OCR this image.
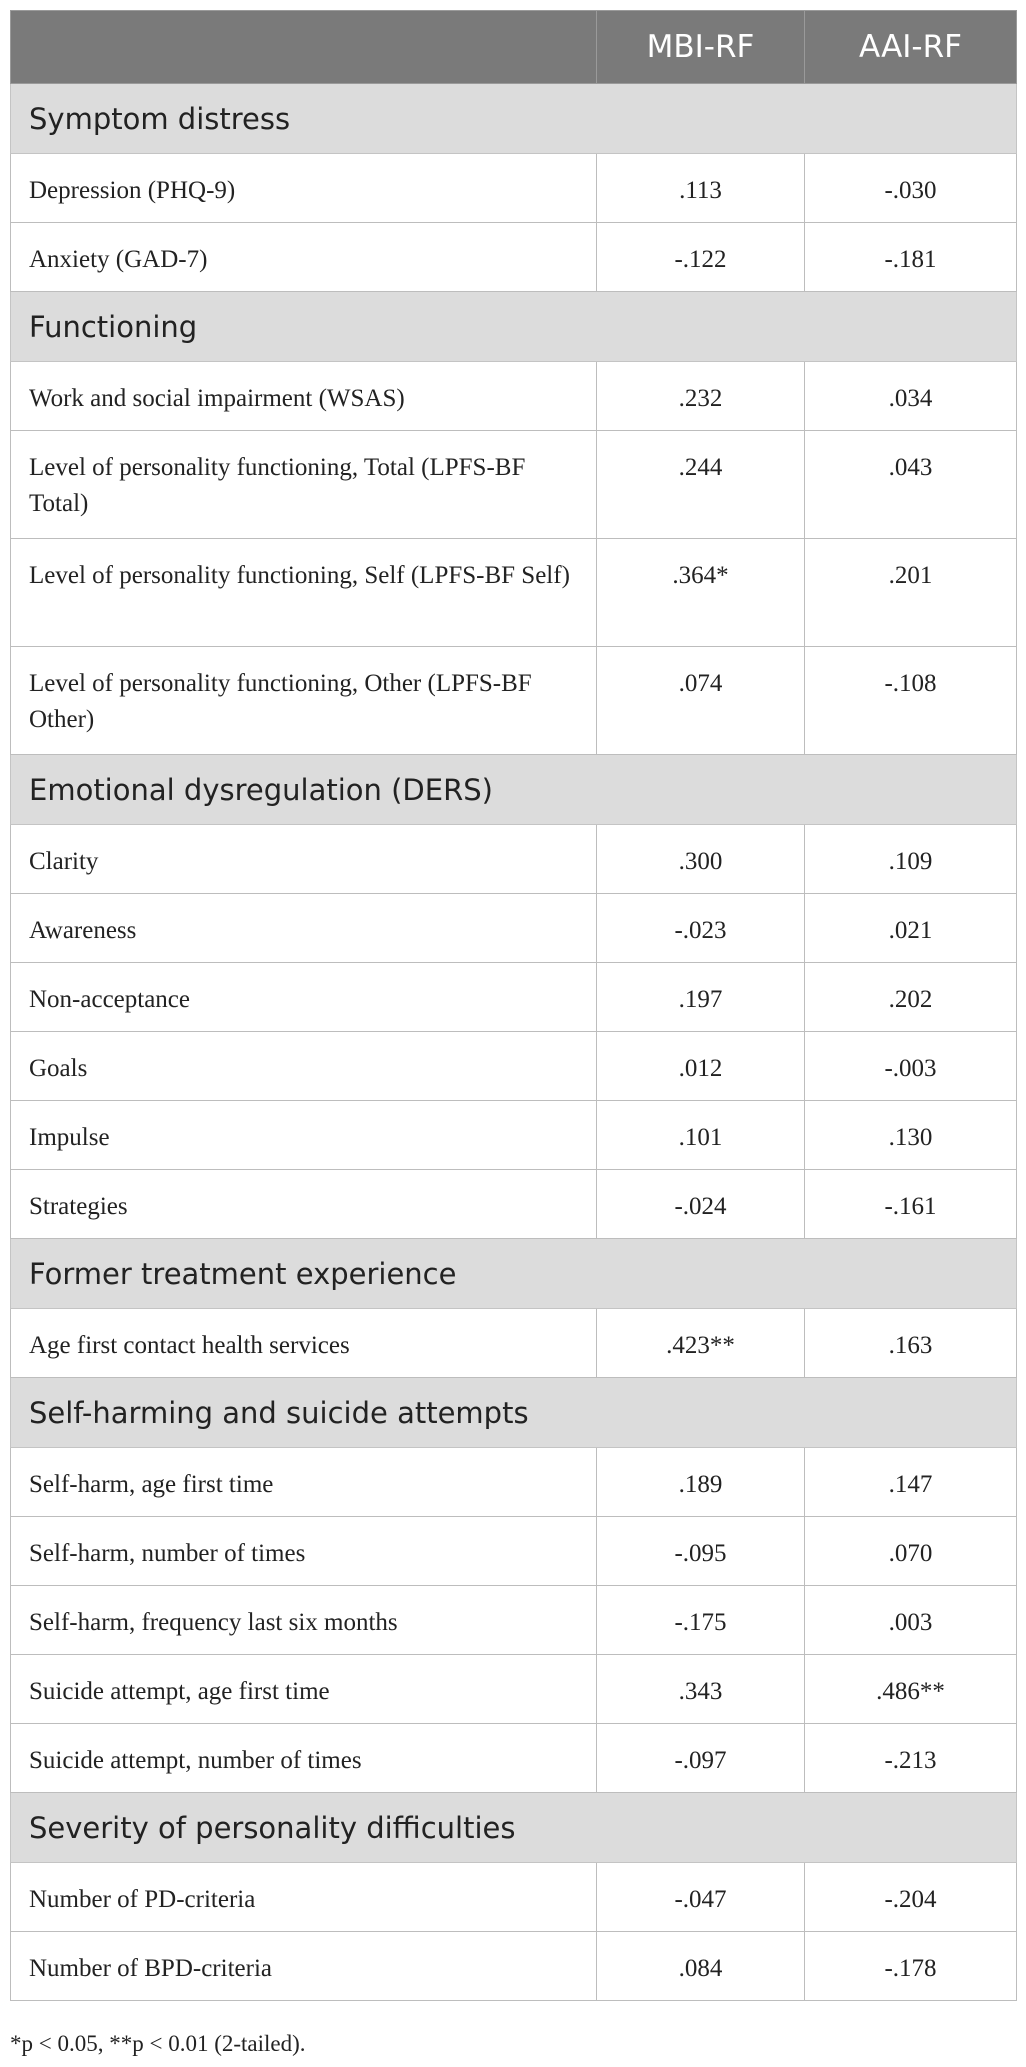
	MBI-RF	AAI-RF
Symptom distress		
Depression (PHQ-9)	.113	-.030
Anxiety (GAD-7)	-.122	-.181
Functioning		
Work and social impairment (WSAS)	.232	.034
Level of personality functioning, Total (LPFS-BF Total)	.244	.043
Level of personality functioning, Self (LPFS-BF Self)	.364*	.201
Level of personality functioning, Other (LPFS-BF Other)	.074	-.108
Emotional dysregulation (DERS)		
Clarity	.300	.109
Awareness	-.023	.021
Non-acceptance	.197	.202
Goals	.012	-.003
Impulse	.101	.130
Strategies	-.024	-.161
Former treatment experience		
Age first contact health services	.423**	.163
Self-harming and suicide attempts		
Self-harm, age first time	.189	.147
Self-harm, number of times	-.095	.070
Self-harm, frequency last six months	-.175	.003
Suicide attempt, age first time	.343	.486**
Suicide attempt, number of times	-.097	-.213
Severity of personality difficulties		
Number of PD-criteria	-.047	-.204
Number of BPD-criteria	.084	-.178
*p < 0.05, **p < 0.01 (2-tailed).
